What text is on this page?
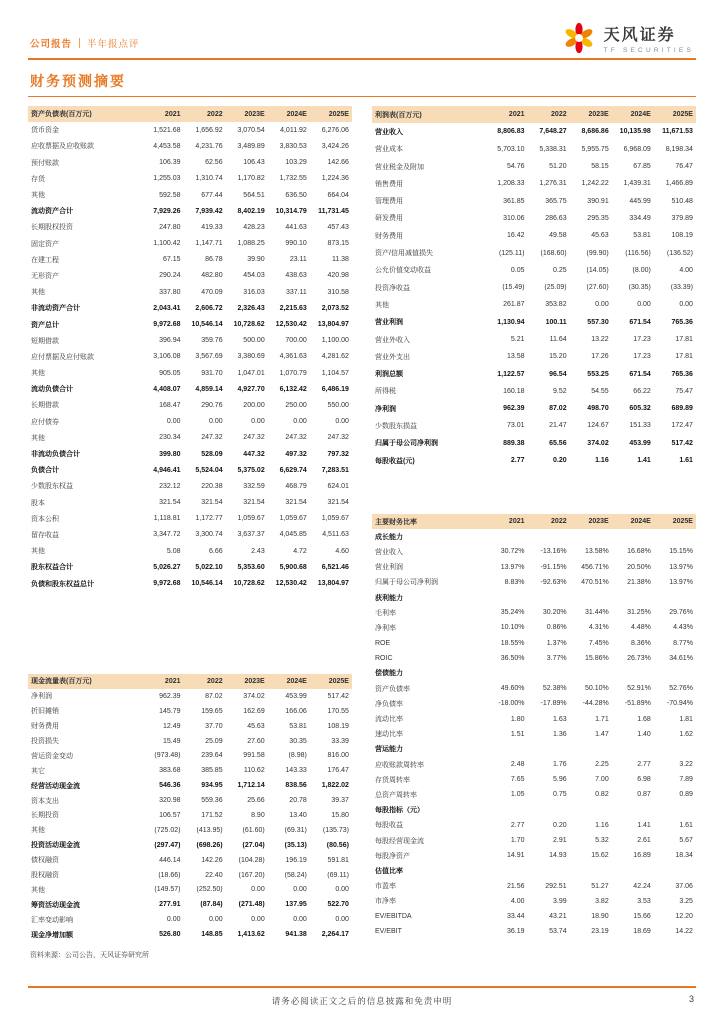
公司报告 半年报点评
天风证券
TF SECURITIES
财务预测摘要
资产负债表(百万元)	2021	2022	2023E	2024E	2025E
货币资金	1,521.68	1,656.92	3,070.54	4,011.92	6,276.06
应收票据及应收账款	4,453.58	4,231.76	3,489.89	3,830.53	3,424.26
预付账款	106.39	62.56	106.43	103.29	142.66
存货	1,255.03	1,310.74	1,170.82	1,732.55	1,224.36
其他	592.58	677.44	564.51	636.50	664.04
流动资产合计	7,929.26	7,939.42	8,402.19	10,314.79	11,731.45
长期股权投资	247.80	419.33	428.23	441.63	457.43
固定资产	1,100.42	1,147.71	1,088.25	990.10	873.15
在建工程	67.15	86.78	39.90	23.11	11.38
无形资产	290.24	482.80	454.03	438.63	420.98
其他	337.80	470.09	316.03	337.11	310.58
非流动资产合计	2,043.41	2,606.72	2,326.43	2,215.63	2,073.52
资产总计	9,972.68	10,546.14	10,728.62	12,530.42	13,804.97
短期借款	396.94	359.76	500.00	700.00	1,100.00
应付票据及应付账款	3,106.08	3,567.69	3,380.69	4,361.63	4,281.62
其他	905.05	931.70	1,047.01	1,070.79	1,104.57
流动负债合计	4,408.07	4,859.14	4,927.70	6,132.42	6,486.19
长期借款	168.47	290.76	200.00	250.00	550.00
应付债券	0.00	0.00	0.00	0.00	0.00
其他	230.34	247.32	247.32	247.32	247.32
非流动负债合计	399.80	528.09	447.32	497.32	797.32
负债合计	4,946.41	5,524.04	5,375.02	6,629.74	7,283.51
少数股东权益	232.12	220.38	332.59	468.79	624.01
股本	321.54	321.54	321.54	321.54	321.54
资本公积	1,118.81	1,172.77	1,059.67	1,059.67	1,059.67
留存收益	3,347.72	3,300.74	3,637.37	4,045.85	4,511.63
其他	5.08	6.66	2.43	4.72	4.60
股东权益合计	5,026.27	5,022.10	5,353.60	5,900.68	6,521.46
负债和股东权益总计	9,972.68	10,546.14	10,728.62	12,530.42	13,804.97
利润表(百万元)	2021	2022	2023E	2024E	2025E
营业收入	8,806.83	7,648.27	8,686.86	10,135.98	11,671.53
营业成本	5,703.10	5,338.31	5,955.75	6,968.09	8,198.34
营业税金及附加	54.76	51.20	58.15	67.85	76.47
销售费用	1,208.33	1,276.31	1,242.22	1,439.31	1,466.89
管理费用	361.85	365.75	390.91	445.99	510.48
研发费用	310.06	286.63	295.35	334.49	379.89
财务费用	16.42	49.58	45.63	53.81	108.19
资产/信用减值损失	(125.11)	(168.60)	(99.90)	(116.56)	(136.52)
公允价值变动收益	0.05	0.25	(14.05)	(8.00)	4.00
投资净收益	(15.49)	(25.09)	(27.60)	(30.35)	(33.39)
其他	261.87	353.82	0.00	0.00	0.00
营业利润	1,130.94	100.11	557.30	671.54	765.36
营业外收入	5.21	11.64	13.22	17.23	17.81
营业外支出	13.58	15.20	17.26	17.23	17.81
利润总额	1,122.57	96.54	553.25	671.54	765.36
所得税	160.18	9.52	54.55	66.22	75.47
净利润	962.39	87.02	498.70	605.32	689.89
少数股东损益	73.01	21.47	124.67	151.33	172.47
归属于母公司净利润	889.38	65.56	374.02	453.99	517.42
每股收益(元)	2.77	0.20	1.16	1.41	1.61
主要财务比率	2021	2022	2023E	2024E	2025E
成长能力
营业收入	30.72%	-13.16%	13.58%	16.68%	15.15%
营业利润	13.97%	-91.15%	456.71%	20.50%	13.97%
归属于母公司净利润	8.83%	-92.63%	470.51%	21.38%	13.97%
获利能力
毛利率	35.24%	30.20%	31.44%	31.25%	29.76%
净利率	10.10%	0.86%	4.31%	4.48%	4.43%
ROE	18.55%	1.37%	7.45%	8.36%	8.77%
ROIC	36.50%	3.77%	15.86%	26.73%	34.61%
偿债能力
资产负债率	49.60%	52.38%	50.10%	52.91%	52.76%
净负债率	-18.00%	-17.89%	-44.28%	-51.89%	-70.94%
流动比率	1.80	1.63	1.71	1.68	1.81
速动比率	1.51	1.36	1.47	1.40	1.62
营运能力
应收账款周转率	2.48	1.76	2.25	2.77	3.22
存货周转率	7.65	5.96	7.00	6.98	7.89
总资产周转率	1.05	0.75	0.82	0.87	0.89
每股指标（元）
每股收益	2.77	0.20	1.16	1.41	1.61
每股经营现金流	1.70	2.91	5.32	2.61	5.67
每股净资产	14.91	14.93	15.62	16.89	18.34
估值比率
市盈率	21.56	292.51	51.27	42.24	37.06
市净率	4.00	3.99	3.82	3.53	3.25
EV/EBITDA	33.44	43.21	18.90	15.66	12.20
EV/EBIT	36.19	53.74	23.19	18.69	14.22
现金流量表(百万元)	2021	2022	2023E	2024E	2025E
净利润	962.39	87.02	374.02	453.99	517.42
折旧摊销	145.79	159.65	162.69	166.06	170.55
财务费用	12.49	37.70	45.63	53.81	108.19
投资损失	15.49	25.09	27.60	30.35	33.39
营运资金变动	(973.48)	239.64	991.58	(8.98)	816.00
其它	383.68	385.85	110.62	143.33	176.47
经营活动现金流	546.36	934.95	1,712.14	838.56	1,822.02
资本支出	320.98	559.36	25.66	20.78	39.37
长期投资	106.57	171.52	8.90	13.40	15.80
其他	(725.02)	(413.95)	(61.60)	(69.31)	(135.73)
投资活动现金流	(297.47)	(698.26)	(27.04)	(35.13)	(80.56)
债权融资	446.14	142.26	(104.28)	196.19	591.81
股权融资	(18.66)	22.40	(167.20)	(58.24)	(69.11)
其他	(149.57)	(252.50)	0.00	0.00	0.00
筹资活动现金流	277.91	(87.84)	(271.48)	137.95	522.70
汇率变动影响	0.00	0.00	0.00	0.00	0.00
现金净增加额	526.80	148.85	1,413.62	941.38	2,264.17
资料来源：公司公告，天风证券研究所
请务必阅读正文之后的信息披露和免责申明	3
